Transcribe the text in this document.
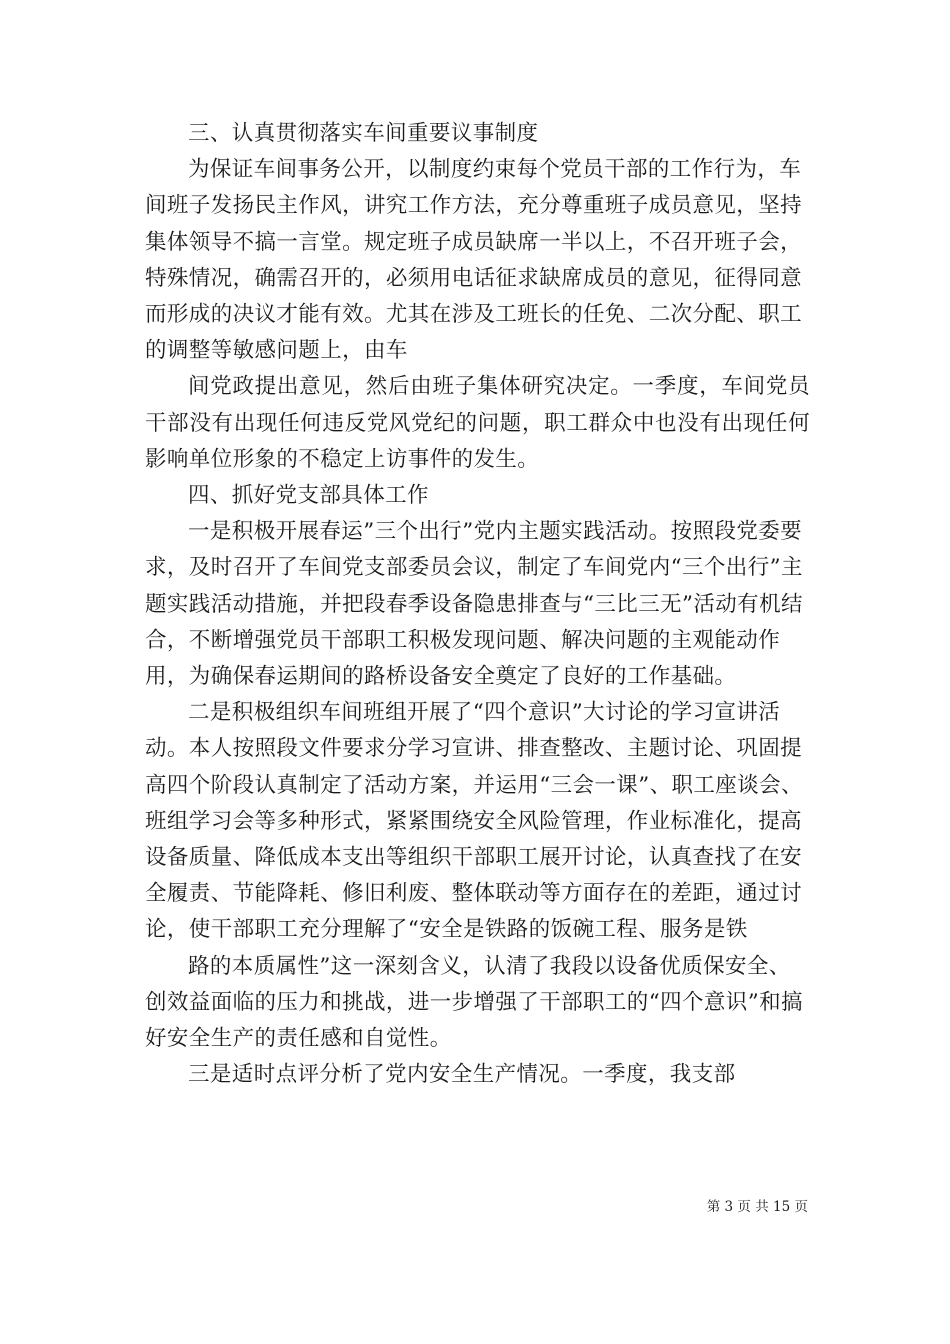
三、认真贯彻落实车间重要议事制度

为保证车间事务公开，以制度约束每个党员干部的工作行为，车间班子发扬民主作风，讲究工作方法，充分尊重班子成员意见，坚持集体领导不搞一言堂。规定班子成员缺席一半以上，不召开班子会，特殊情况，确需召开的，必须用电话征求缺席成员的意见，征得同意而形成的决议才能有效。尤其在涉及工班长的任免、二次分配、职工的调整等敏感问题上，由车

间党政提出意见，然后由班子集体研究决定。一季度，车间党员干部没有出现任何违反党风党纪的问题，职工群众中也没有出现任何影响单位形象的不稳定上访事件的发生。

四、抓好党支部具体工作

一是积极开展春运”三个出行”党内主题实践活动。按照段党委要求，及时召开了车间党支部委员会议，制定了车间党内“三个出行”主题实践活动措施，并把段春季设备隐患排查与“三比三无”活动有机结合，不断增强党员干部职工积极发现问题、解决问题的主观能动作用，为确保春运期间的路桥设备安全奠定了良好的工作基础。

二是积极组织车间班组开展了“四个意识”大讨论的学习宣讲活动。本人按照段文件要求分学习宣讲、排查整改、主题讨论、巩固提高四个阶段认真制定了活动方案，并运用“三会一课”、职工座谈会、班组学习会等多种形式，紧紧围绕安全风险管理，作业标准化，提高设备质量、降低成本支出等组织干部职工展开讨论，认真查找了在安全履责、节能降耗、修旧利废、整体联动等方面存在的差距，通过讨论，使干部职工充分理解了“安全是铁路的饭碗工程、服务是铁

路的本质属性”这一深刻含义，认清了我段以设备优质保安全、创效益面临的压力和挑战，进一步增强了干部职工的“四个意识”和搞好安全生产的责任感和自觉性。

三是适时点评分析了党内安全生产情况。一季度，我支部

第 3 页 共 15 页
